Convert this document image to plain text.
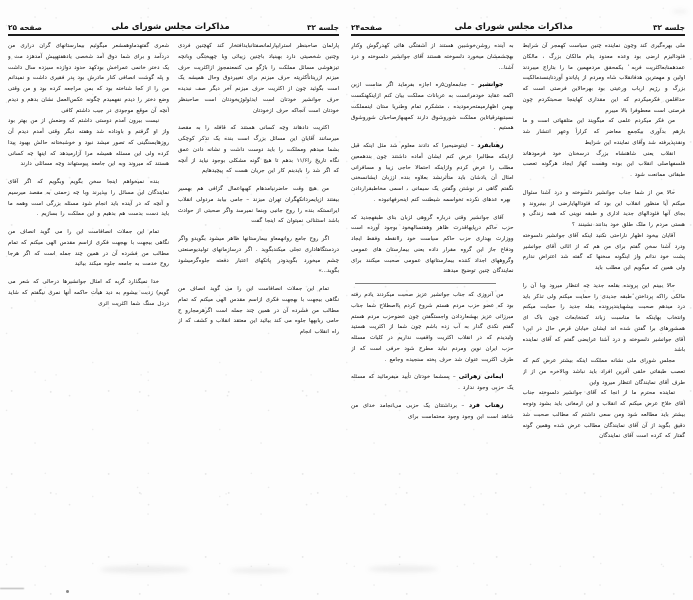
جلسه ۳۲
مذاکرات مجلس شورای ملی
صفحه۲۴

ملی بهره‌گیری کند وچون نماینده چنین سیاست کهمجر آن شرایط فئودالیزم ارضی بود وعده معدود بنام مالکان بزرگ ، مالکان عمدهمنابعاکثریت فربه ٔ یکمحقق مردمهمین ما را بتاراج میبردند اولین و مهمترین هدفانقلاب شاه ومردم از پایاندو آوردناینسدمالکیت بزرگ و رژیم ارباب ورعیتی بود بهرحالاین فرصتی است که حداقلمن فکرمیکردم که این مقداری کهاینجا صحبتکردم چون فرصتی است معطوفرا بالا میبرم

من فکر میکردم علمی که میگویند این متلقهاتی است و ما بازهم بدآوری بیکجمع معاضر که کرارأ وعهر انتشار شد ونقدپذیرفته شد وآقای نماینده این شرایط

انقلاب یعنی شاهنشاه بزرگ درسخنان خود فرمودهاند فلسفهاصلی انقلاب این بوده وهست کهاز ایجاد هرگونه تعصب طبقاتی ممانعت شود .

حالا من از شما جناب جوانشیر دلسوخته و درد آشنا سئوال میکنم آیا منظور انقلاب این بود که فئودالهایارضی از بینبروند و بجای آنها فئودالهای جدید اداری و طبقه نوینی که همه زندگی و هستی مردم را ملک طلق خود بدانند نشینند ؟

آقایان بیخود اظهار ناراحتی نکنید اینکه آقای جوانشیر دلسوخته ودرد آشنا سخن گفتم برای من هم که از اثاثی آقای جوانشیر پشت خود ندانم واز اینگونه سخنها که گفته شد اعتراض ندارم ولی همین که میگویم این مطلب باید

حالا ببینم این پرونده بقلعه جدید چه انتظار میرود وبا آن را مالکی رااکه پرداختن ٔطبقه جدیدی را حمایت میکنم ولی تذکر باید درد میدهم صحبت بیشهبایندپرونده بقله جدید را حمایت میکنم وانتخاب بهاینکه ما مناسبت زباند کمتخابعات چون باک ای همشورهای برا گفتن شده اند ایشان خیابان قرص حال در این۱ آقای جوانشیر دلسوخته و درد آشنا عرایضی گفتم که آقای نماینده باشد

مجلس شورای ملی نشانه مملکت اینکه بیشتر عرض کنم که تعصب طبقاتی خلقی آفرین افراد باید نباشد وبالاخره من از از طرف آقای نمایندگان انتظار میرود واین

نماینده محترم ما از انجا که آقای جوانشیر دلسوخته جناب آقای خلاخ عرض میکنم که انقلاب و این ارمغانی باید بشود وتوجه بیشتر باید مطالعه شود ومن سعی داشتم که مطالب صحبت شد دقیق بگوید از آن آقای نمایندگان مطالب عرض شده وهمین گونه گفتار که کرده است آقای نمایندگان

به آینده روشن‌خوشبین هستند از آشفتگی هائی کهدرگوش وکنارِ بهچشمشان میخورد دلسوخته هستند آقای جوانشیر دلسوخته و درد آشنا...

جوانشیر – جنابمعاون۵ره اجازه بفرماید اگر مناست ازبن اکمه عقاید خودمرانست به عربانات مملکت بیان کنم ازاینکهنکست بهمن اظهارمیمتحرمودیده ، متشکرم تمام وطنریا ستان اینمملکت نسبتبهترقیاتاین مملکت شوروشوق دارند کمهبهازصاحبان شوروشوق هستیم .

زهتابفرد – اینتوضیحیرا که دادند معلوم شد مثل اینکه قبل ازاینکه مطالبرا عرض کنم ایشان آماده داشتند چون بندهمعین مطلب را عرض کردم وازاینکه احتمالا حاجی زیبا و مسافرانی امثال آن یادشان باید متأثرنشد بعلاوه بنده اززبان ایشانسخنی نگفتم گاهی در نوشتن وگفتن یک سیمانی ، اسمی مخاطبقراردادن ٔ بهره عدهای نکرده تخواسمه شیطنت کنم اینحرفهانبوده .

آقای جوانشیر وقتی درباره گروهی لزبان بنای طبقهجدید که حزب حاکم درپایهاقدرت ظاهر وهفتسالهخود بوجود آورده است ووزارت بهداری حزب حاکم سیاست خود راانقطه وفقط ایجاد ودفاع جاز این گروه مقرار داده یعنی بیمارستان های عمومی وگروههای اجداد کننده بیمارستانهای عمومی صحبت میکنند برای نمایندگان چنین توضیح میدهند

من آنروزی که جناب جوانشیر عزیز صحبت میکردند یادم رفته بود که عضو حزب مردم هستم شروع کردم بااصطلاح شما جناب میرزائی عزیز بهشعاردادن واجستگفتن چون عضوحزب مردم هستم گفتم نکدی گدار به آب زده باشم چون شما از اکثریت هستید ولیدیدم که در انقلاب اکثریت واقفیت نداریم در کلیات مسئله حزب ایران نوین ومردم نباید مطرح شود حرفی است که از طرف اکثریت عنوان شد حرف پخته سنجیده وجامع .

ایمانی زهرائی – پسشما خودتان تأیید میفرمائید که مسئله یک حزبی وجود ندارد .

زهتاب فرد – برداشتتان یک حزبی می‌انجامد خدای من شاهد است این وجود وجود محتماست برای

جلسه ۳۲
مذاکرات مجلس شورای ملی
صفحه ۲۵

پارلمان صاحبنظر استرایپارلمانصفتانبایدافتخار کند کهچنین فردی وچنین شخصیتی دارد بهبنیاد باچنین زیبائی وبا چهپختگی وبانچه تیزهوشی مسائل مملکت را باژگو می کنمعنمجوز ازاکثریت حرف میزنم ازرینانأکثریته حرف میزنم برای تغییردوق وحال همیشه یک است بگوئید چون از اکثریت حرف میزنم آخر دیگر صف نبدیده حرف جوانشیر خودتان است ایدئولوژیخودتان است صاحبنظر خودتان است آنجاکه حرف ازخودتان

اکثریت دادهاند وچه کسانی هستند که قافله را به مقصد میرسانند آقایان این مسائل بزرگ است بنده یک تذکر کوچکی بشما میدهم ومملکت را باید دوست داشت و نشانه دادن عمق نگاه تاریخ را۱۱/۶ بدهم تا هیچ گونه مشکلی بوجود نیاید از آنچه که اگر شد را بایدبنم کار این جریان هست که پیچیدهایم

من هیچ وقت حاضرنیامدهام کهبهاعمال گزافی هم بهسیر بیفتند ازپایمردانکهگران تهران میزند – جامی بیابد مردولی انقلاب ایرانستکه بنده را روح جانبی وبنما نمیرسد واگر صحبتی از حوادث باشد استثنائی نمیتوان که اینجا گفت

اگر روح جامع روانهمعاو بیمارستانها ظاهر میشود بگویدو واگر دردستگاهاداری تجلی میکندبگوید . اگر درسازمانهای تولیدیوصنعتی چشم میخورد بگویدودر پاتکهای اعتبار دفعته جلوه‌گرمیشود بگوید...»

تمام این جملات انصافاست این را می گوید انصاف من نگاهی بیجهت با بهجهت فکری ازاسم مقدس الهی میکنم که تمام مطالب من فشرده آن در همین چند جمله است اگرهرمجارو ح حامی ربابهها جلوه می کند بیائید این معتقد انقلاب و کشف که از راه انقلاب انجام

شعری گفتهدماوهمشعر میگوئیم بیمارستانهای گران دراری من دردآمد و برای شما دوق آمد شخصی یادهفتهپیش آمدهزد مث و یک دختر خانمی عمراخش بودکهد حدود دوازده سیزده سال داشت و پله گوشت انصافی کنار مادرش بود پدر فقیری داشت و نمیدانم من را از کجا شناخته بود که بمن مراجعه کرده بود و من وقتی وضع دختر را دیدم نفهمیدم چگونه عکس‌العمل نشان بدهم و دیدم آنچه آن موقع موجودی در جیب داشتم کافی

نیست بیرون آمدم دوستی داشتم که وضعش از من بهتر بود واز او گرفتم و باوداده شد وهفته دیگر وقتی آمدم دیدم آن روزهایسنگینی که تصور میشد نبود و خوشبختانه حالش بهبود پیدا کرده ولی این مسئله همیشه مرا آزارمیدهد که اینها چه کسانی هستند که میروند وبه این جامعه پیوستهاند وچه مسائلی دارند

بنده نمیخواهم اینجا سخن بگویم وبگویم که اگر آقای نمایندگان این مسائل را بپذیرند وبا چه زحمتی به مقصد میرسیم و آنچه که در آینده باید انجام شود مسئله بزرگی است وهمه ما باید دست بدست هم بدهیم و این مملکت را بسازیم .

تمام این جملات انصافاست این را می گوید انصاف من نگاهی بیجهت با بهجهت فکری ازاسم مقدس الهی میکنم که تمام مطالب من فشرده آن در همین چند جمله است که اگر هرجا روح خدمت به جامعه جلوه میکند بیائید

خدا نمیگذارد گربه که امثال جوانشیرها درحالی که شعر می گویم) زدبت بیشوم به دید هیأت حاکمه آنها نمری نیگفتم که شاید دردل سنگ شما اکثریت اثری
